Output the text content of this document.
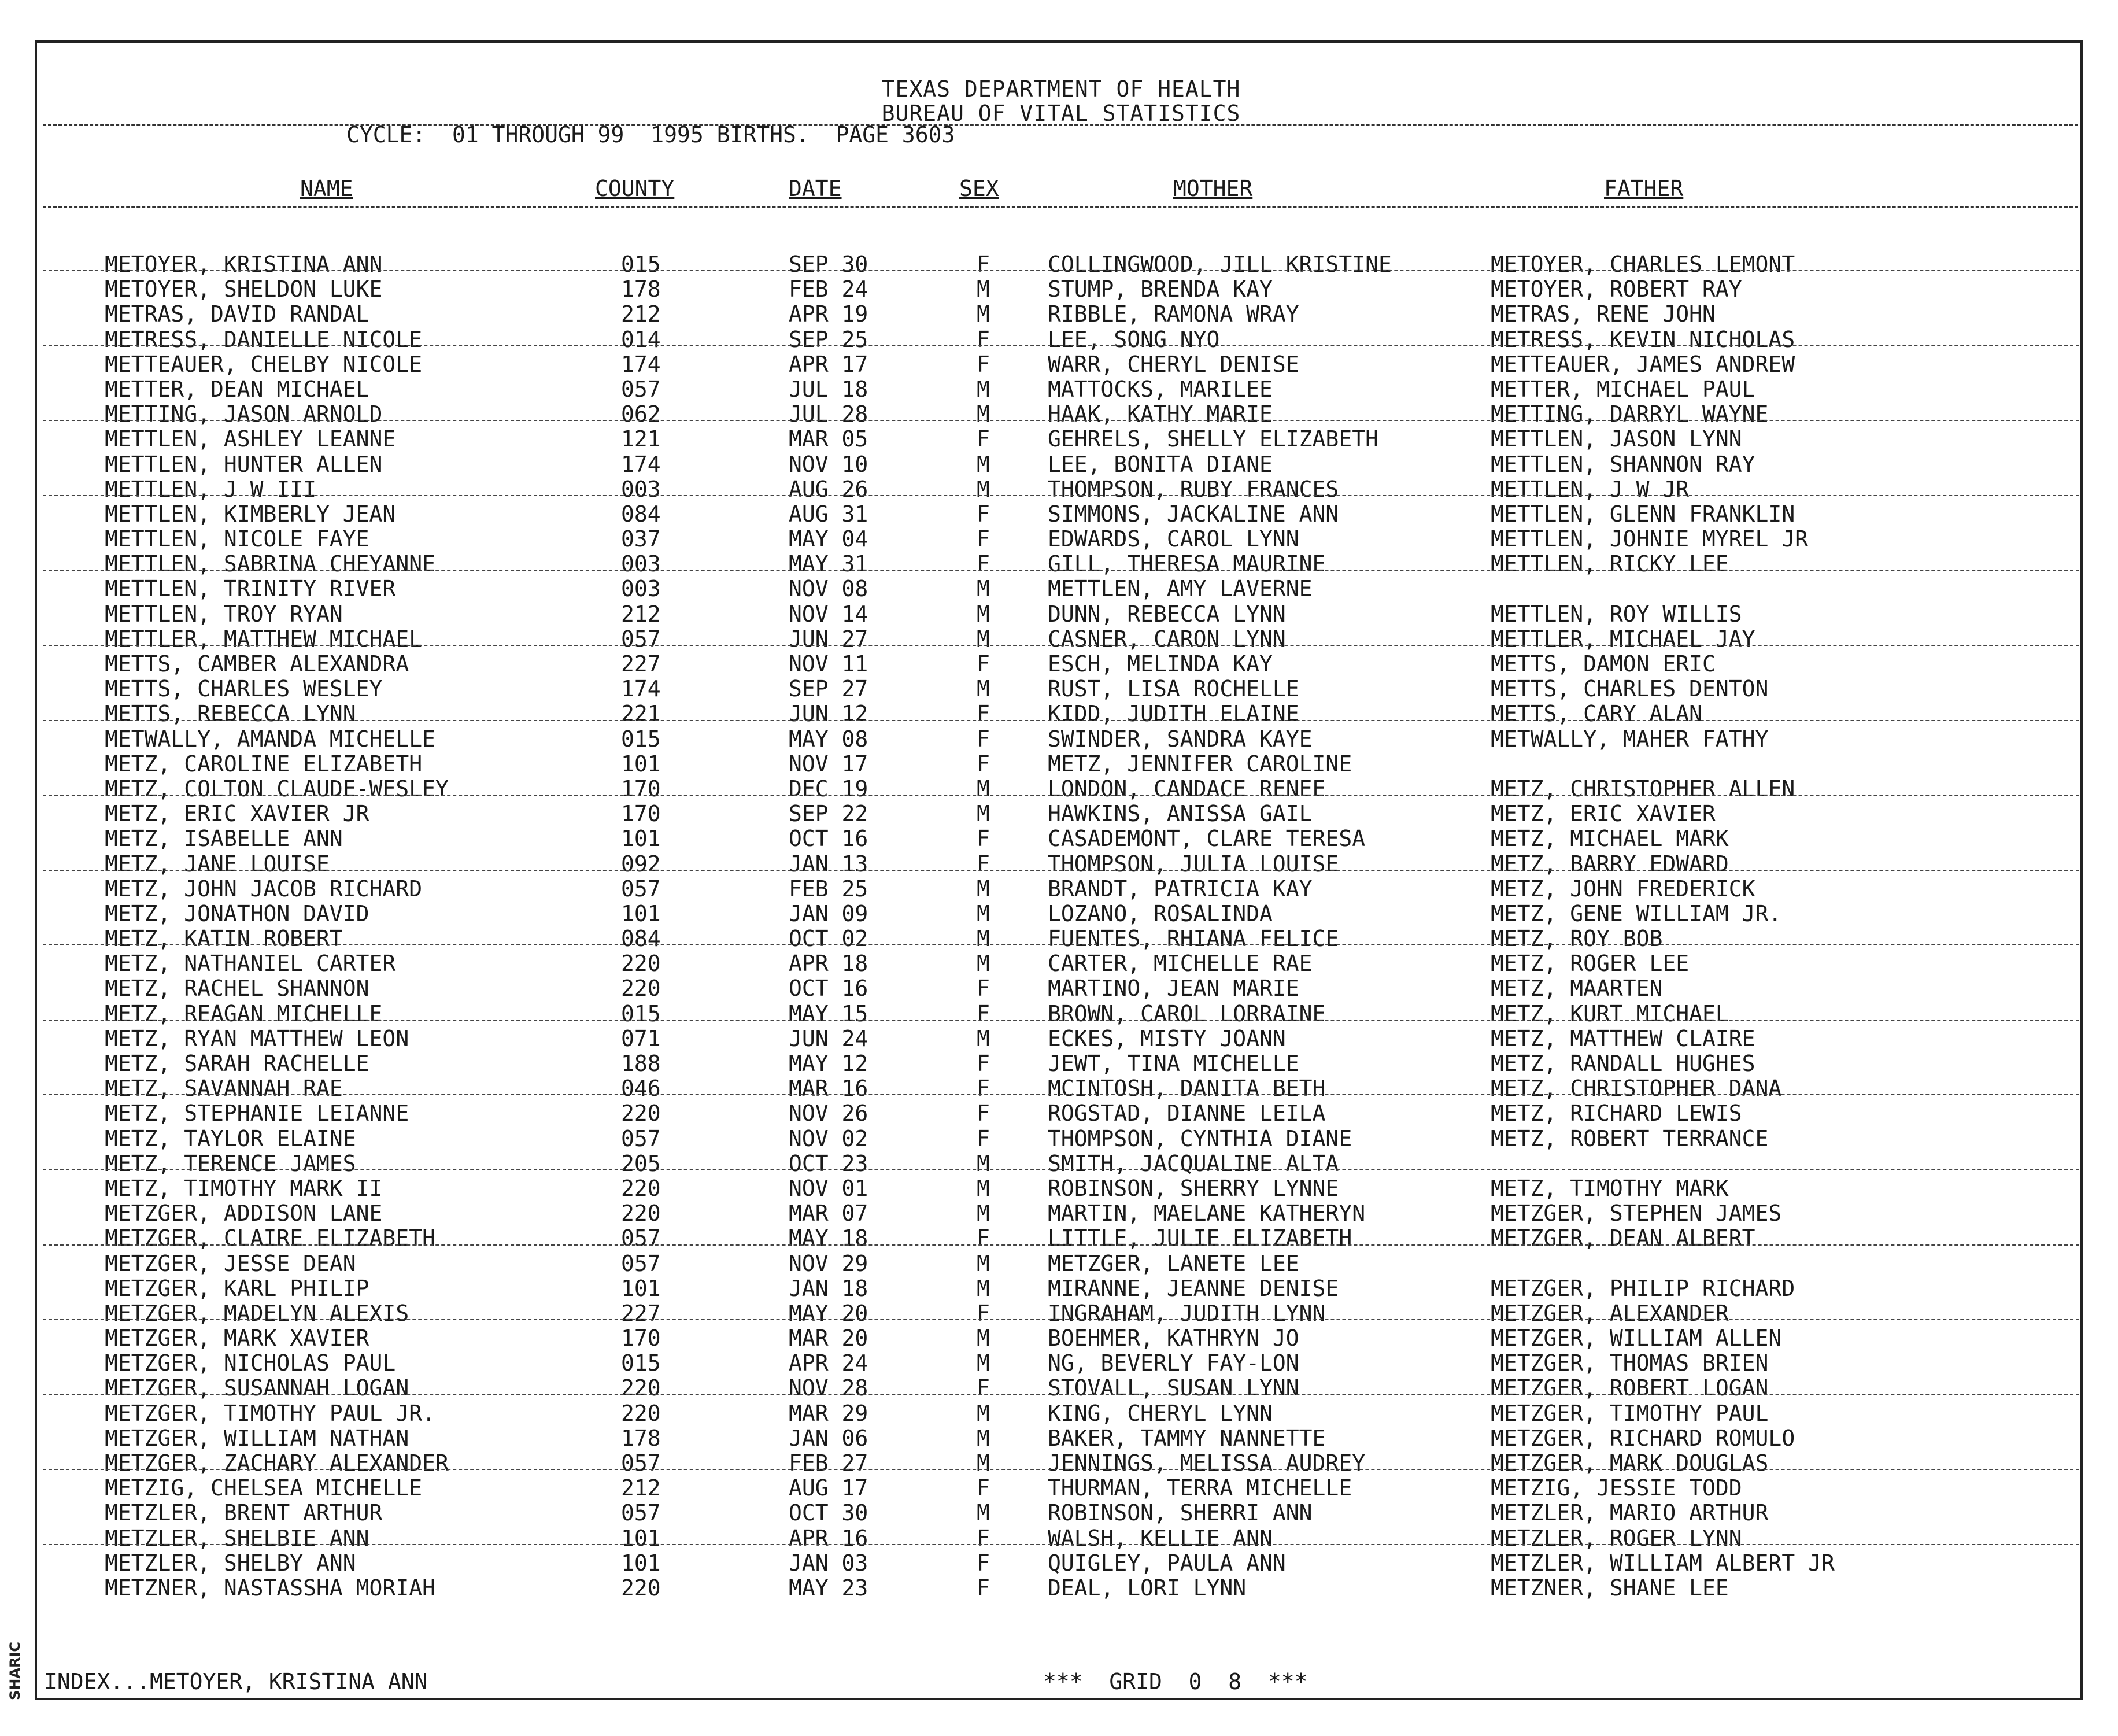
SHARIC
TEXAS DEPARTMENT OF HEALTH
BUREAU OF VITAL STATISTICS
CYCLE:  01 THROUGH 99  1995 BIRTHS.  PAGE 3603
NAME	COUNTY	DATE	SEX	MOTHER	FATHER
METOYER, KRISTINA ANN	015	SEP 30	F	COLLINGWOOD, JILL KRISTINE	METOYER, CHARLES LEMONT
METOYER, SHELDON LUKE	178	FEB 24	M	STUMP, BRENDA KAY	METOYER, ROBERT RAY
METRAS, DAVID RANDAL	212	APR 19	M	RIBBLE, RAMONA WRAY	METRAS, RENE JOHN
METRESS, DANIELLE NICOLE	014	SEP 25	F	LEE, SONG NYO	METRESS, KEVIN NICHOLAS
METTEAUER, CHELBY NICOLE	174	APR 17	F	WARR, CHERYL DENISE	METTEAUER, JAMES ANDREW
METTER, DEAN MICHAEL	057	JUL 18	M	MATTOCKS, MARILEE	METTER, MICHAEL PAUL
METTING, JASON ARNOLD	062	JUL 28	M	HAAK, KATHY MARIE	METTING, DARRYL WAYNE
METTLEN, ASHLEY LEANNE	121	MAR 05	F	GEHRELS, SHELLY ELIZABETH	METTLEN, JASON LYNN
METTLEN, HUNTER ALLEN	174	NOV 10	M	LEE, BONITA DIANE	METTLEN, SHANNON RAY
METTLEN, J W III	003	AUG 26	M	THOMPSON, RUBY FRANCES	METTLEN, J W JR
METTLEN, KIMBERLY JEAN	084	AUG 31	F	SIMMONS, JACKALINE ANN	METTLEN, GLENN FRANKLIN
METTLEN, NICOLE FAYE	037	MAY 04	F	EDWARDS, CAROL LYNN	METTLEN, JOHNIE MYREL JR
METTLEN, SABRINA CHEYANNE	003	MAY 31	F	GILL, THERESA MAURINE	METTLEN, RICKY LEE
METTLEN, TRINITY RIVER	003	NOV 08	M	METTLEN, AMY LAVERNE
METTLEN, TROY RYAN	212	NOV 14	M	DUNN, REBECCA LYNN	METTLEN, ROY WILLIS
METTLER, MATTHEW MICHAEL	057	JUN 27	M	CASNER, CARON LYNN	METTLER, MICHAEL JAY
METTS, CAMBER ALEXANDRA	227	NOV 11	F	ESCH, MELINDA KAY	METTS, DAMON ERIC
METTS, CHARLES WESLEY	174	SEP 27	M	RUST, LISA ROCHELLE	METTS, CHARLES DENTON
METTS, REBECCA LYNN	221	JUN 12	F	KIDD, JUDITH ELAINE	METTS, CARY ALAN
METWALLY, AMANDA MICHELLE	015	MAY 08	F	SWINDER, SANDRA KAYE	METWALLY, MAHER FATHY
METZ, CAROLINE ELIZABETH	101	NOV 17	F	METZ, JENNIFER CAROLINE
METZ, COLTON CLAUDE-WESLEY	170	DEC 19	M	LONDON, CANDACE RENEE	METZ, CHRISTOPHER ALLEN
METZ, ERIC XAVIER JR	170	SEP 22	M	HAWKINS, ANISSA GAIL	METZ, ERIC XAVIER
METZ, ISABELLE ANN	101	OCT 16	F	CASADEMONT, CLARE TERESA	METZ, MICHAEL MARK
METZ, JANE LOUISE	092	JAN 13	F	THOMPSON, JULIA LOUISE	METZ, BARRY EDWARD
METZ, JOHN JACOB RICHARD	057	FEB 25	M	BRANDT, PATRICIA KAY	METZ, JOHN FREDERICK
METZ, JONATHON DAVID	101	JAN 09	M	LOZANO, ROSALINDA	METZ, GENE WILLIAM JR.
METZ, KATIN ROBERT	084	OCT 02	M	FUENTES, RHIANA FELICE	METZ, ROY BOB
METZ, NATHANIEL CARTER	220	APR 18	M	CARTER, MICHELLE RAE	METZ, ROGER LEE
METZ, RACHEL SHANNON	220	OCT 16	F	MARTINO, JEAN MARIE	METZ, MAARTEN
METZ, REAGAN MICHELLE	015	MAY 15	F	BROWN, CAROL LORRAINE	METZ, KURT MICHAEL
METZ, RYAN MATTHEW LEON	071	JUN 24	M	ECKES, MISTY JOANN	METZ, MATTHEW CLAIRE
METZ, SARAH RACHELLE	188	MAY 12	F	JEWT, TINA MICHELLE	METZ, RANDALL HUGHES
METZ, SAVANNAH RAE	046	MAR 16	F	MCINTOSH, DANITA BETH	METZ, CHRISTOPHER DANA
METZ, STEPHANIE LEIANNE	220	NOV 26	F	ROGSTAD, DIANNE LEILA	METZ, RICHARD LEWIS
METZ, TAYLOR ELAINE	057	NOV 02	F	THOMPSON, CYNTHIA DIANE	METZ, ROBERT TERRANCE
METZ, TERENCE JAMES	205	OCT 23	M	SMITH, JACQUALINE ALTA
METZ, TIMOTHY MARK II	220	NOV 01	M	ROBINSON, SHERRY LYNNE	METZ, TIMOTHY MARK
METZGER, ADDISON LANE	220	MAR 07	M	MARTIN, MAELANE KATHERYN	METZGER, STEPHEN JAMES
METZGER, CLAIRE ELIZABETH	057	MAY 18	F	LITTLE, JULIE ELIZABETH	METZGER, DEAN ALBERT
METZGER, JESSE DEAN	057	NOV 29	M	METZGER, LANETE LEE
METZGER, KARL PHILIP	101	JAN 18	M	MIRANNE, JEANNE DENISE	METZGER, PHILIP RICHARD
METZGER, MADELYN ALEXIS	227	MAY 20	F	INGRAHAM, JUDITH LYNN	METZGER, ALEXANDER
METZGER, MARK XAVIER	170	MAR 20	M	BOEHMER, KATHRYN JO	METZGER, WILLIAM ALLEN
METZGER, NICHOLAS PAUL	015	APR 24	M	NG, BEVERLY FAY-LON	METZGER, THOMAS BRIEN
METZGER, SUSANNAH LOGAN	220	NOV 28	F	STOVALL, SUSAN LYNN	METZGER, ROBERT LOGAN
METZGER, TIMOTHY PAUL JR.	220	MAR 29	M	KING, CHERYL LYNN	METZGER, TIMOTHY PAUL
METZGER, WILLIAM NATHAN	178	JAN 06	M	BAKER, TAMMY NANNETTE	METZGER, RICHARD ROMULO
METZGER, ZACHARY ALEXANDER	057	FEB 27	M	JENNINGS, MELISSA AUDREY	METZGER, MARK DOUGLAS
METZIG, CHELSEA MICHELLE	212	AUG 17	F	THURMAN, TERRA MICHELLE	METZIG, JESSIE TODD
METZLER, BRENT ARTHUR	057	OCT 30	M	ROBINSON, SHERRI ANN	METZLER, MARIO ARTHUR
METZLER, SHELBIE ANN	101	APR 16	F	WALSH, KELLIE ANN	METZLER, ROGER LYNN
METZLER, SHELBY ANN	101	JAN 03	F	QUIGLEY, PAULA ANN	METZLER, WILLIAM ALBERT JR
METZNER, NASTASSHA MORIAH	220	MAY 23	F	DEAL, LORI LYNN	METZNER, SHANE LEE
INDEX...METOYER, KRISTINA ANN	***  GRID  0  8  ***
